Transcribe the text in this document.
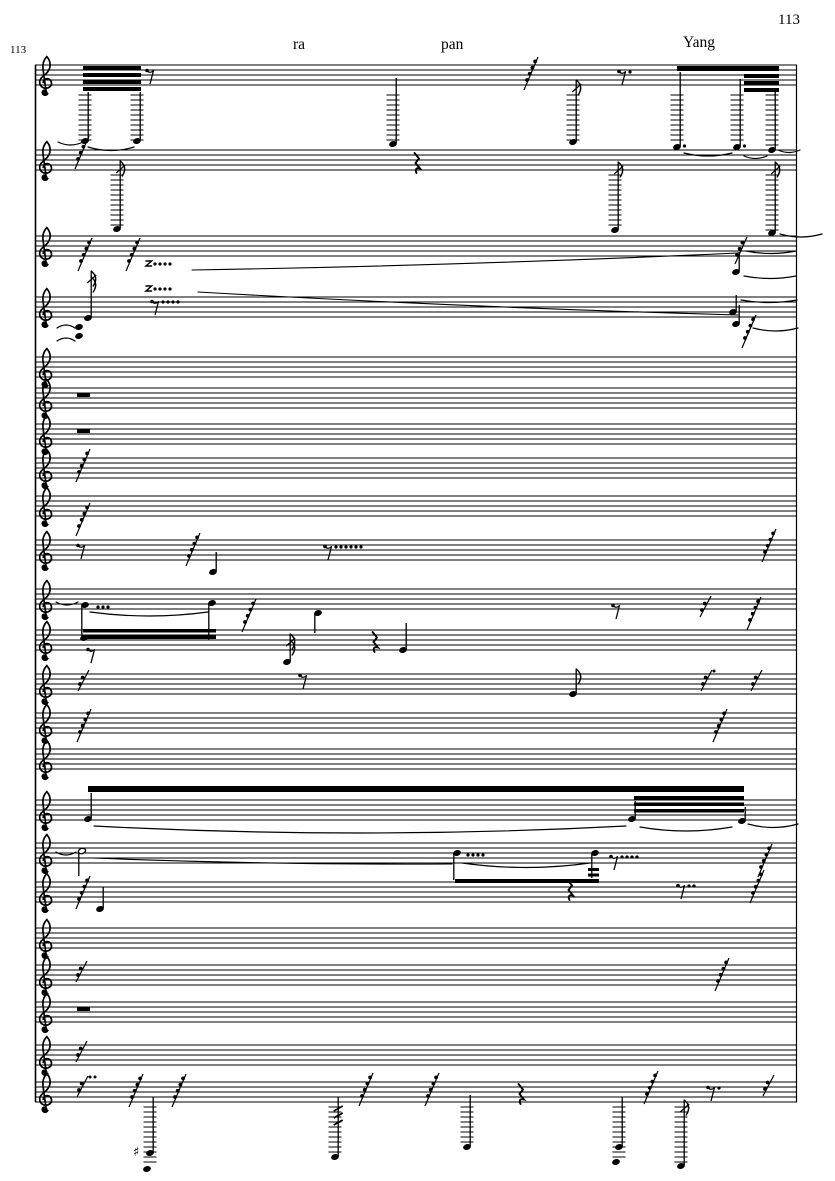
113
113	ra	pan	Yang
♯
